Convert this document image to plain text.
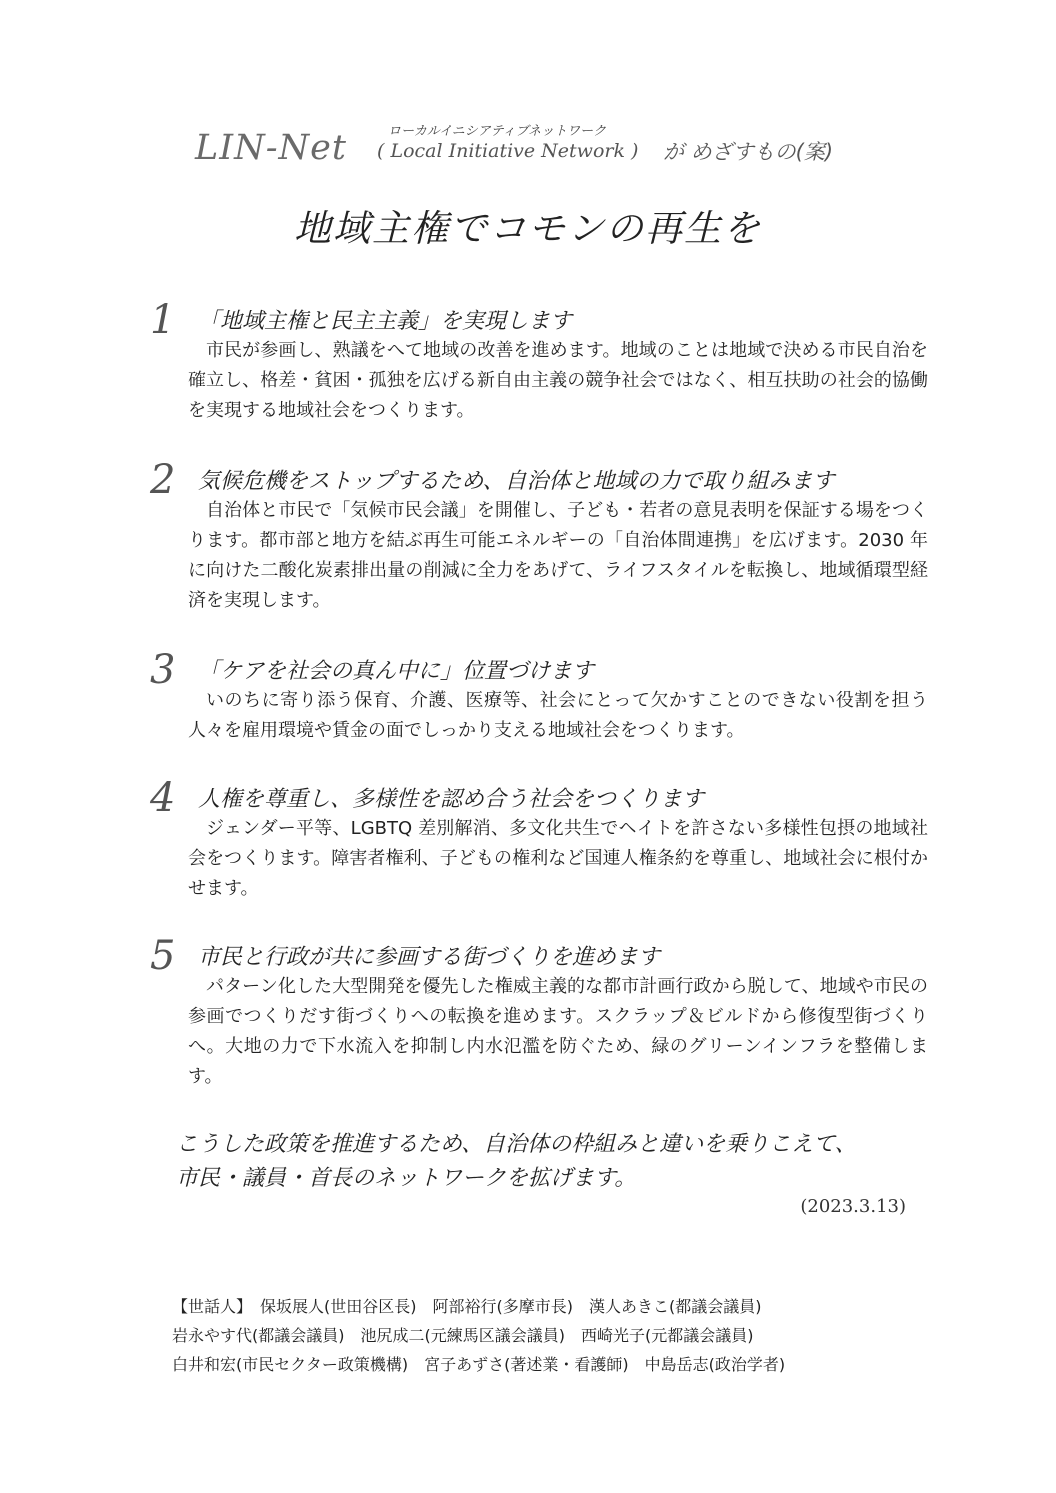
LIN-Net	ローカルイニシアティブネットワーク
( Local Initiative Network ) が めざすもの(案)
地域主権でコモンの再生を
1 「地域主権と民主主義」を実現します
市民が参画し、熟議をへて地域の改善を進めます。地域のことは地域で決める市民自治を確立し、格差・貧困・孤独を広げる新自由主義の競争社会ではなく、相互扶助の社会的協働を実現する地域社会をつくります。
2 気候危機をストップするため、自治体と地域の力で取り組みます
自治体と市民で「気候市民会議」を開催し、子ども・若者の意見表明を保証する場をつくります。都市部と地方を結ぶ再生可能エネルギーの「自治体間連携」を広げます。2030 年に向けた二酸化炭素排出量の削減に全力をあげて、ライフスタイルを転換し、地域循環型経済を実現します。
3 「ケアを社会の真ん中に」位置づけます
いのちに寄り添う保育、介護、医療等、社会にとって欠かすことのできない役割を担う人々を雇用環境や賃金の面でしっかり支える地域社会をつくります。
4 人権を尊重し、多様性を認め合う社会をつくります
ジェンダー平等、LGBTQ 差別解消、多文化共生でヘイトを許さない多様性包摂の地域社会をつくります。障害者権利、子どもの権利など国連人権条約を尊重し、地域社会に根付かせます。
5 市民と行政が共に参画する街づくりを進めます
パターン化した大型開発を優先した権威主義的な都市計画行政から脱して、地域や市民の参画でつくりだす街づくりへの転換を進めます。スクラップ＆ビルドから修復型街づくりへ。大地の力で下水流入を抑制し内水氾濫を防ぐため、緑のグリーンインフラを整備します。
こうした政策を推進するため、自治体の枠組みと違いを乗りこえて、
市民・議員・首長のネットワークを拡げます。
(2023.3.13)
【世話人】　保坂展人(世田谷区長)　阿部裕行(多摩市長)　漢人あきこ(都議会議員)
岩永やす代(都議会議員)　池尻成二(元練馬区議会議員)　西崎光子(元都議会議員)
白井和宏(市民セクター政策機構)　宮子あずさ(著述業・看護師)　中島岳志(政治学者)
